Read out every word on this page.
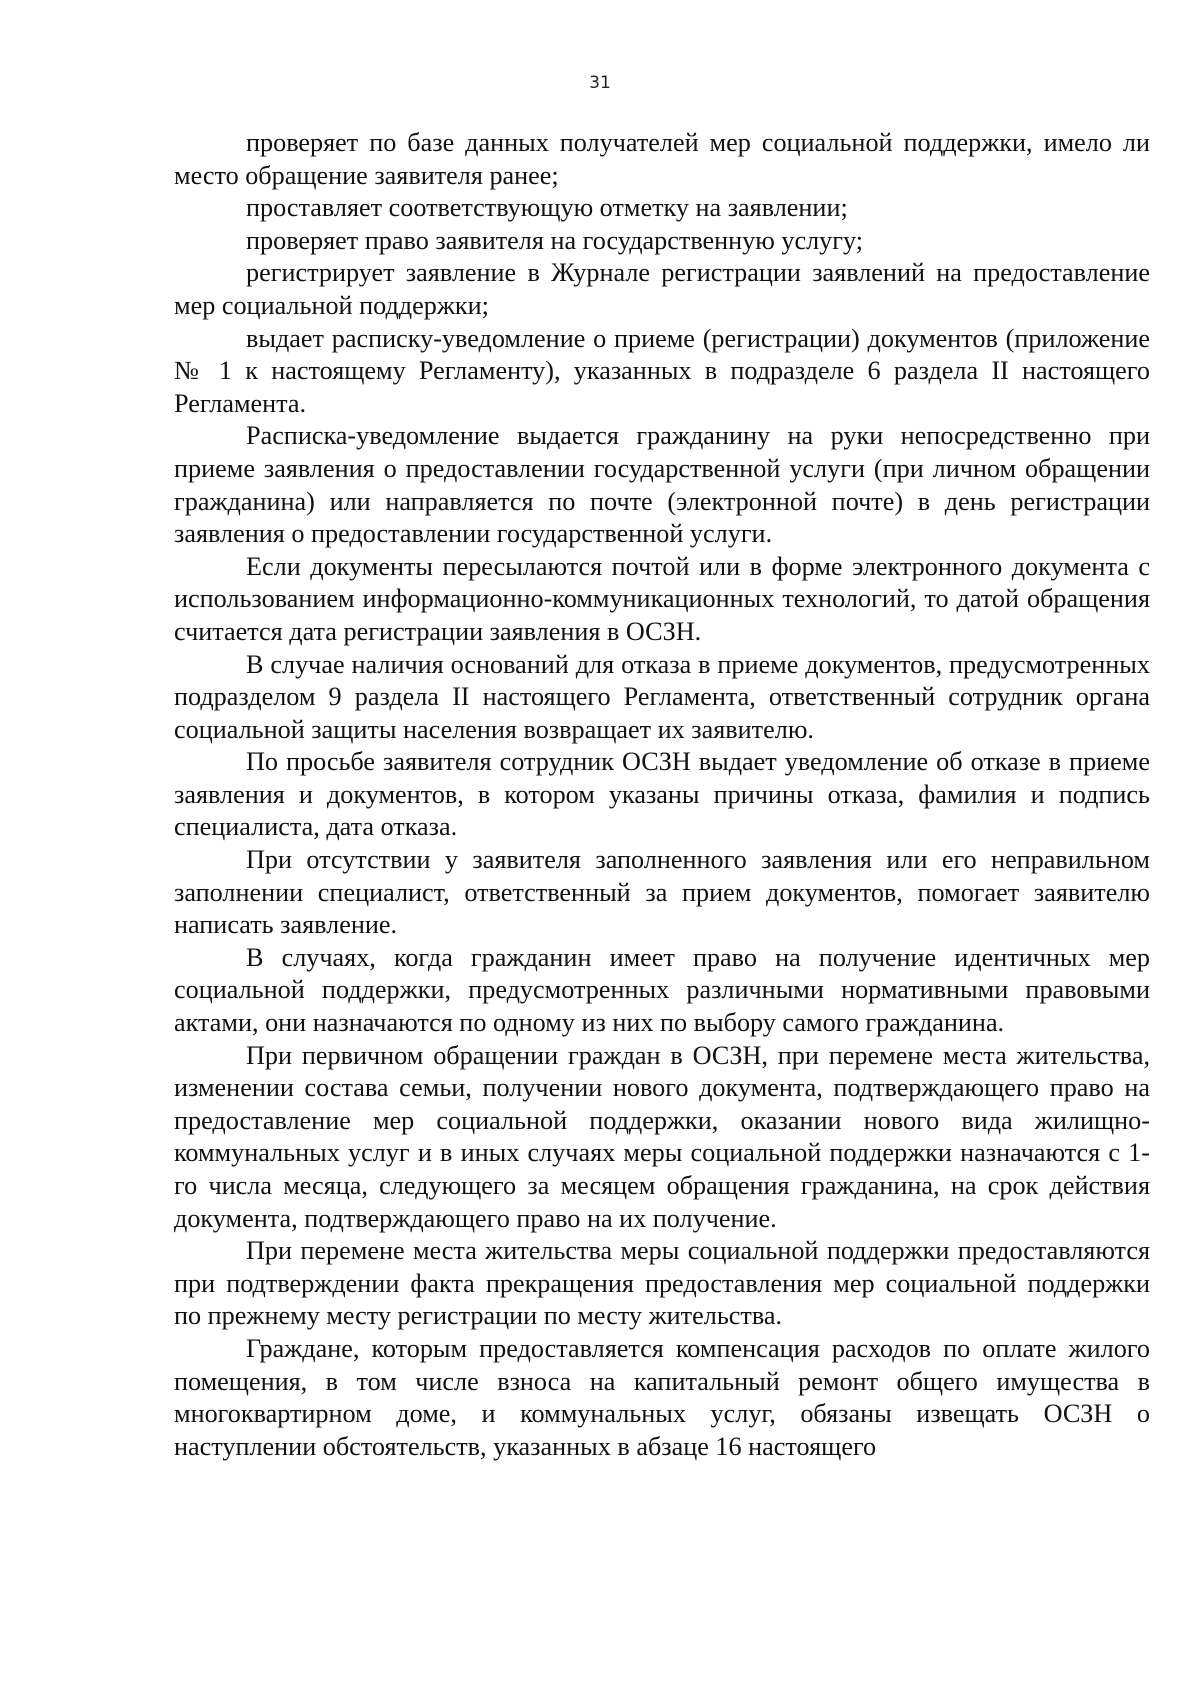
31

проверяет по базе данных получателей мер социальной поддержки, имело ли место обращение заявителя ранее;

проставляет соответствующую отметку на заявлении;

проверяет право заявителя на государственную услугу;

регистрирует заявление в Журнале регистрации заявлений на предоставление мер социальной поддержки;

выдает расписку-уведомление о приеме (регистрации) документов (приложение № 1 к настоящему Регламенту), указанных в подразделе 6 раздела II настоящего Регламента.

Расписка-уведомление выдается гражданину на руки непосредственно при приеме заявления о предоставлении государственной услуги (при личном обращении гражданина) или направляется по почте (электронной почте) в день регистрации заявления о предоставлении государственной услуги.

Если документы пересылаются почтой или в форме электронного документа с использованием информационно-коммуникационных технологий, то датой обращения считается дата регистрации заявления в ОСЗН.

В случае наличия оснований для отказа в приеме документов, предусмотренных подразделом 9 раздела II настоящего Регламента, ответственный сотрудник органа социальной защиты населения возвращает их заявителю.

По просьбе заявителя сотрудник ОСЗН выдает уведомление об отказе в приеме заявления и документов, в котором указаны причины отказа, фамилия и подпись специалиста, дата отказа.

При отсутствии у заявителя заполненного заявления или его неправильном заполнении специалист, ответственный за прием документов, помогает заявителю написать заявление.

В случаях, когда гражданин имеет право на получение идентичных мер социальной поддержки, предусмотренных различными нормативными правовыми актами, они назначаются по одному из них по выбору самого гражданина.

При первичном обращении граждан в ОСЗН, при перемене места жительства, изменении состава семьи, получении нового документа, подтверждающего право на предоставление мер социальной поддержки, оказании нового вида жилищно-коммунальных услуг и в иных случаях меры социальной поддержки назначаются с 1-го числа месяца, следующего за месяцем обращения гражданина, на срок действия документа, подтверждающего право на их получение.

При перемене места жительства меры социальной поддержки предоставляются при подтверждении факта прекращения предоставления мер социальной поддержки по прежнему месту регистрации по месту жительства.

Граждане, которым предоставляется компенсация расходов по оплате жилого помещения, в том числе взноса на капитальный ремонт общего имущества в многоквартирном доме, и коммунальных услуг, обязаны извещать ОСЗН о наступлении обстоятельств, указанных в абзаце 16 настоящего
